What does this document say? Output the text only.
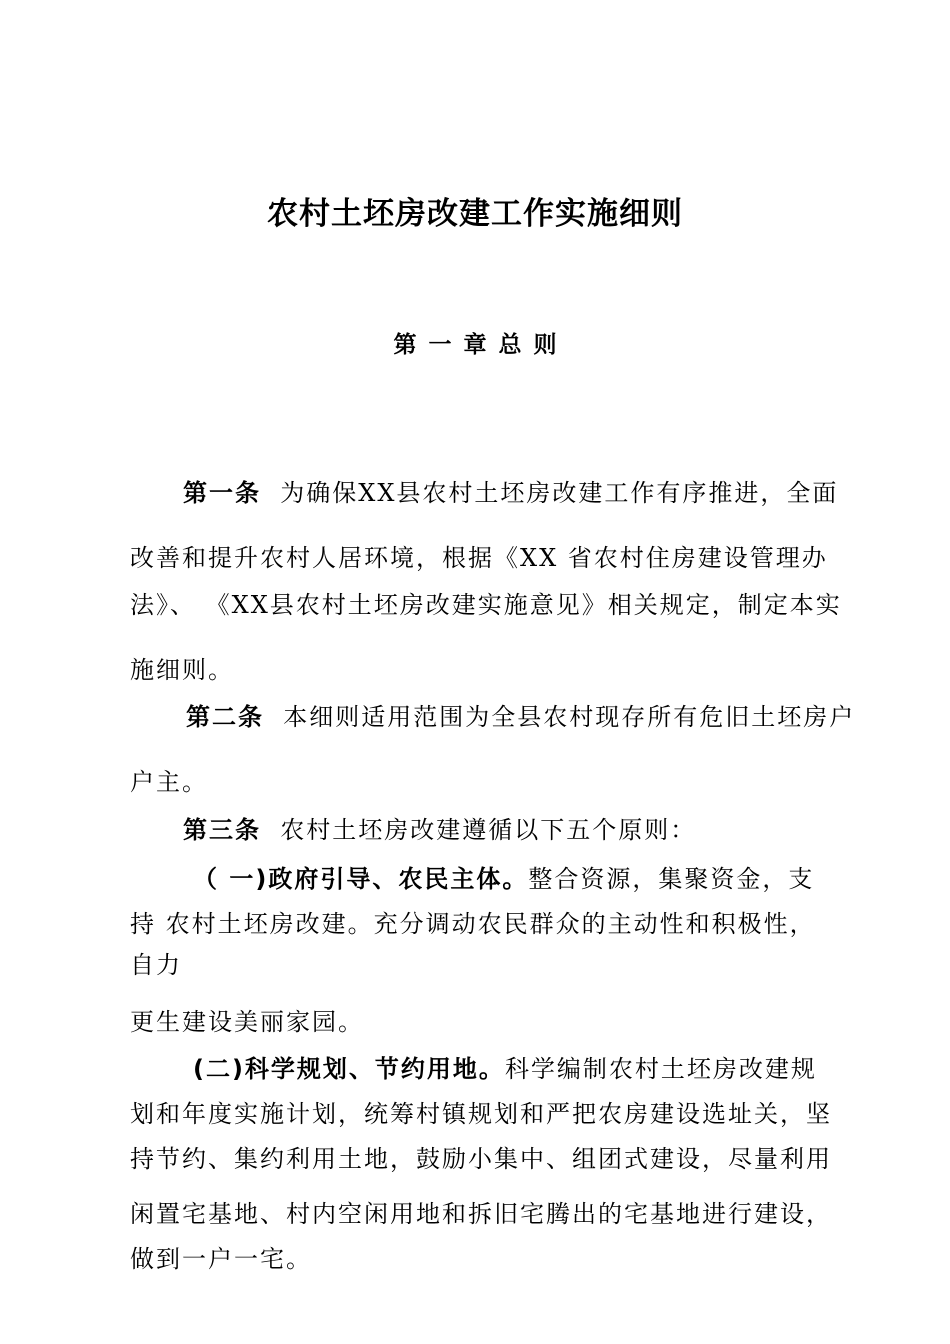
农村土坯房改建工作实施细则
第 一 章 总 则
第一条 为确保XX县农村土坯房改建工作有序推进，全面
改善和提升农村人居环境，根据《XX 省农村住房建设管理办
法》、 《XX县农村土坯房改建实施意见》相关规定，制定本实
施细则。
第二条 本细则适用范围为全县农村现存所有危旧土坯房户
户主。
第三条 农村土坯房改建遵循以下五个原则：
（ 一)政府引导、农民主体。整合资源，集聚资金，支
持 农村土坯房改建。充分调动农民群众的主动性和积极性，
自力
更生建设美丽家园。
(二)科学规划、节约用地。科学编制农村土坯房改建规
划和年度实施计划，统筹村镇规划和严把农房建设选址关，坚
持节约、集约利用土地，鼓励小集中、组团式建设，尽量利用
闲置宅基地、村内空闲用地和拆旧宅腾出的宅基地进行建设，
做到一户一宅。
